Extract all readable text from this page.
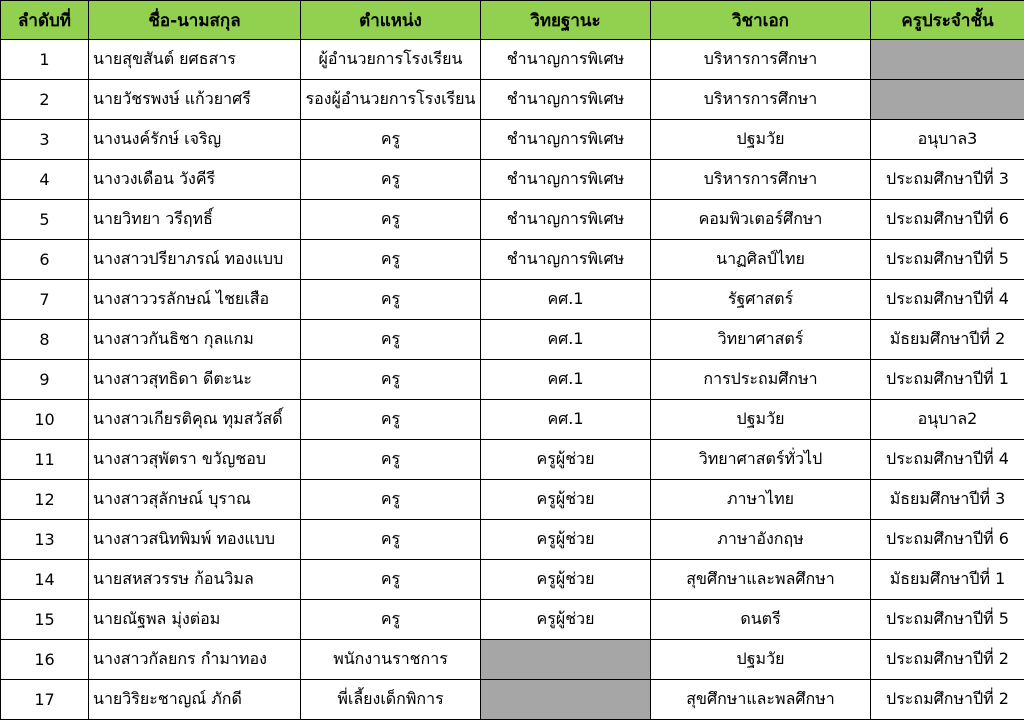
ลำดับที่	ชื่อ-นามสกุล	ตำแหน่ง	วิทยฐานะ	วิชาเอก	ครูประจำชั้น
1	นายสุขสันต์ ยศธสาร	ผู้อำนวยการโรงเรียน	ชำนาญการพิเศษ	บริหารการศึกษา	
2	นายวัชรพงษ์ แก้วยาศรี	รองผู้อำนวยการโรงเรียน	ชำนาญการพิเศษ	บริหารการศึกษา	
3	นางนงค์รักษ์ เจริญ	ครู	ชำนาญการพิเศษ	ปฐมวัย	อนุบาล3
4	นางวงเดือน วังคีรี	ครู	ชำนาญการพิเศษ	บริหารการศึกษา	ประถมศึกษาปีที่ 3
5	นายวิทยา วรีฤทธิ์	ครู	ชำนาญการพิเศษ	คอมพิวเตอร์ศึกษา	ประถมศึกษาปีที่ 6
6	นางสาวปรียาภรณ์ ทองแบบ	ครู	ชำนาญการพิเศษ	นาฏศิลป์ไทย	ประถมศึกษาปีที่ 5
7	นางสาววรลักษณ์ ไชยเสือ	ครู	คศ.1	รัฐศาสตร์	ประถมศึกษาปีที่ 4
8	นางสาวกันธิชา กุลแกม	ครู	คศ.1	วิทยาศาสตร์	มัธยมศึกษาปีที่ 2
9	นางสาวสุทธิดา ดีตะนะ	ครู	คศ.1	การประถมศึกษา	ประถมศึกษาปีที่ 1
10	นางสาวเกียรติคุณ ทุมสวัสดิ์	ครู	คศ.1	ปฐมวัย	อนุบาล2
11	นางสาวสุพัตรา ขวัญชอบ	ครู	ครูผู้ช่วย	วิทยาศาสตร์ทั่วไป	ประถมศึกษาปีที่ 4
12	นางสาวสุลักษณ์ บุราณ	ครู	ครูผู้ช่วย	ภาษาไทย	มัธยมศึกษาปีที่ 3
13	นางสาวสนิทพิมพ์ ทองแบบ	ครู	ครูผู้ช่วย	ภาษาอังกฤษ	ประถมศึกษาปีที่ 6
14	นายสหสวรรษ ก้อนวิมล	ครู	ครูผู้ช่วย	สุขศึกษาและพลศึกษา	มัธยมศึกษาปีที่ 1
15	นายณัฐพล มุ่งต่อม	ครู	ครูผู้ช่วย	ดนตรี	ประถมศึกษาปีที่ 5
16	นางสาวกัลยกร กำมาทอง	พนักงานราชการ		ปฐมวัย	ประถมศึกษาปีที่ 2
17	นายวิริยะชาญณ์ ภักดี	พี่เลี้ยงเด็กพิการ		สุขศึกษาและพลศึกษา	ประถมศึกษาปีที่ 2
